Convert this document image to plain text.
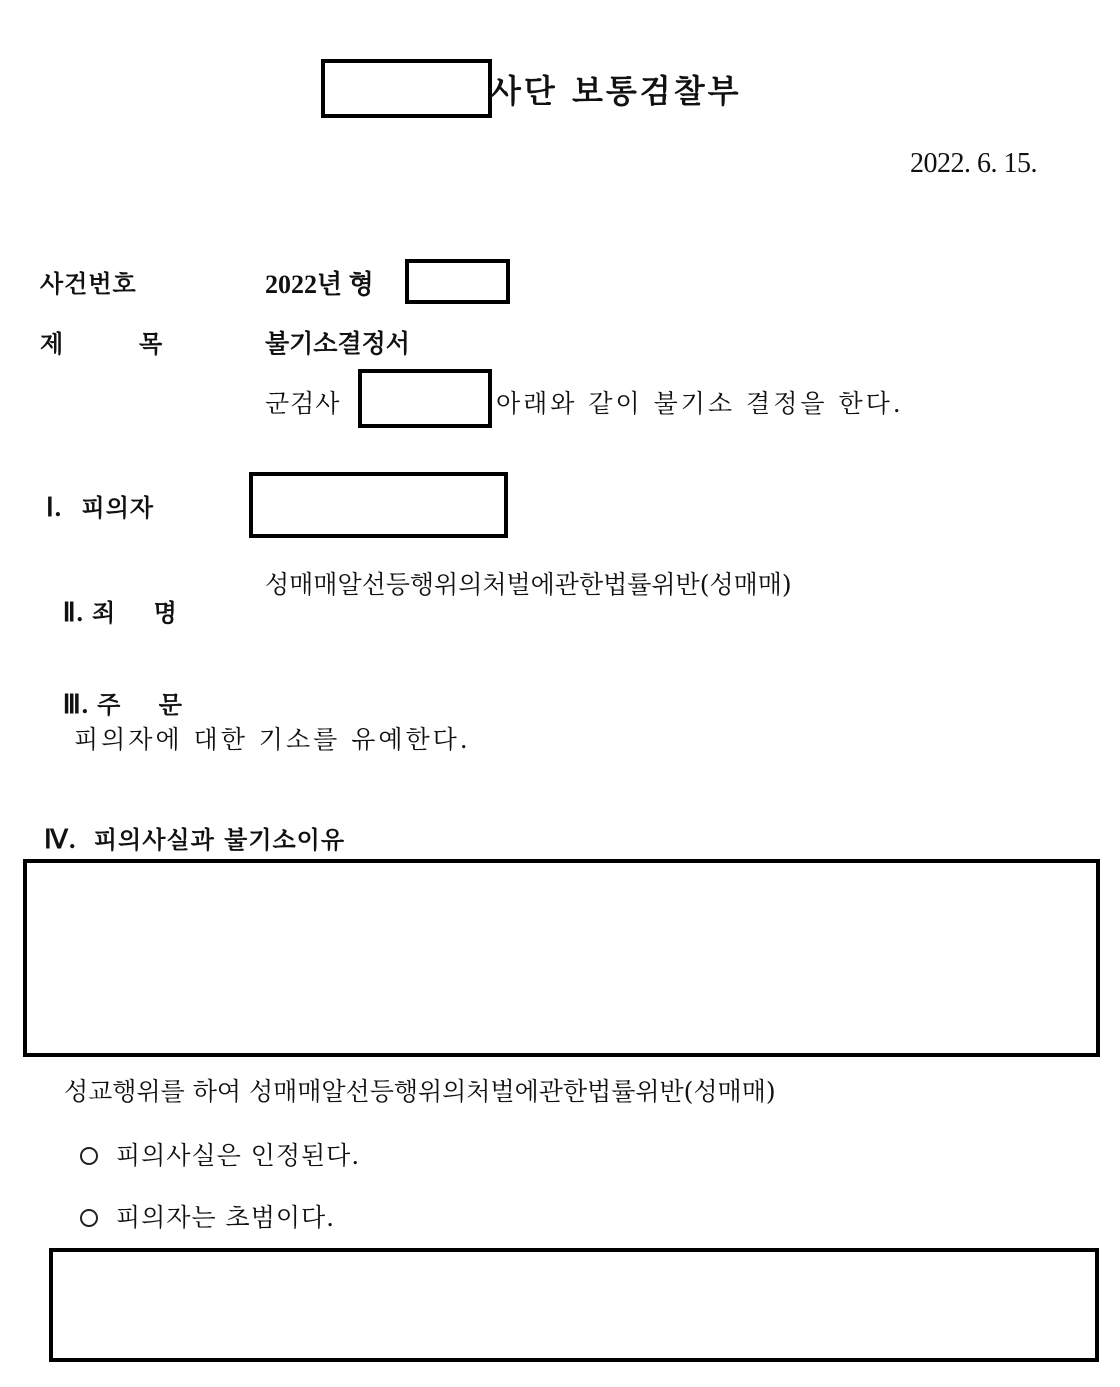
사단 보통검찰부
2022. 6. 15.
사건번호	2022년 형
제        목	불기소결정서
군검사	아래와 같이 불기소 결정을 한다.
Ⅰ. 피의자

Ⅱ. 죄    명

성매매알선등행위의처벌에관한법률위반(성매매)

Ⅲ. 주    문

피의자에 대한 기소를 유예한다.
Ⅳ. 피의사실과 불기소이유
성교행위를 하여 성매매알선등행위의처벌에관한법률위반(성매매)
피의사실은 인정된다.
피의자는 초범이다.
